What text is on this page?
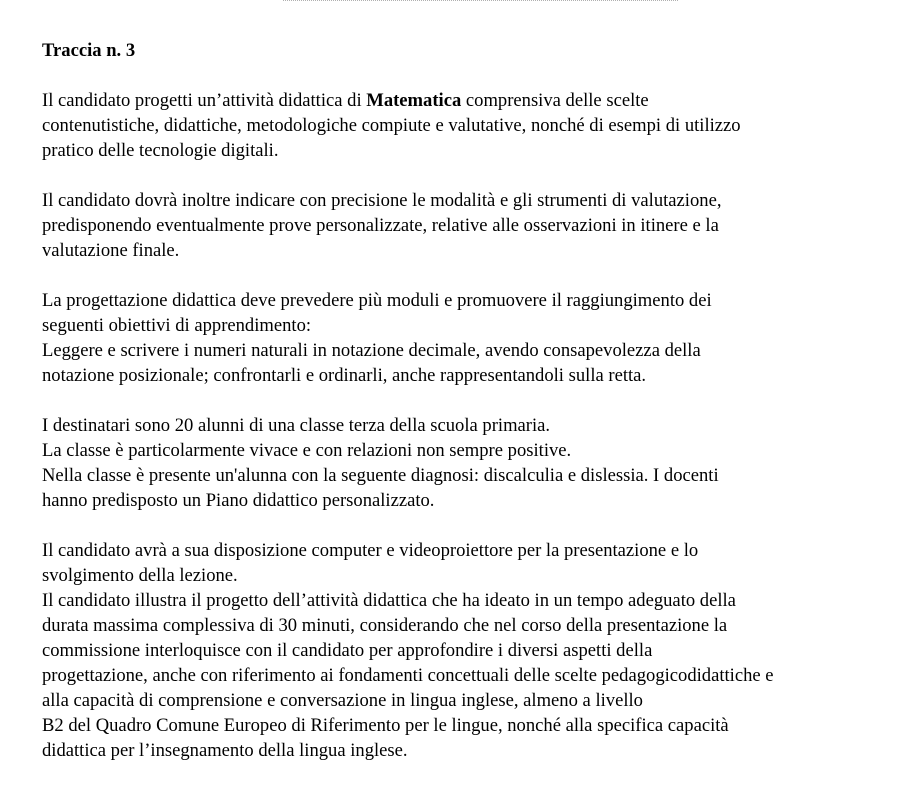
Traccia n. 3
Il candidato progetti un’attività didattica di Matematica comprensiva delle scelte
contenutistiche, didattiche, metodologiche compiute e valutative, nonché di esempi di utilizzo
pratico delle tecnologie digitali.
Il candidato dovrà inoltre indicare con precisione le modalità e gli strumenti di valutazione,
predisponendo eventualmente prove personalizzate, relative alle osservazioni in itinere e la
valutazione finale.
La progettazione didattica deve prevedere più moduli e promuovere il raggiungimento dei
seguenti obiettivi di apprendimento:
Leggere e scrivere i numeri naturali in notazione decimale, avendo consapevolezza della
notazione posizionale; confrontarli e ordinarli, anche rappresentandoli sulla retta.
I destinatari sono 20 alunni di una classe terza della scuola primaria.
La classe è particolarmente vivace e con relazioni non sempre positive.
Nella classe è presente un'alunna con la seguente diagnosi: discalculia e dislessia. I docenti
hanno predisposto un Piano didattico personalizzato.
Il candidato avrà a sua disposizione computer e videoproiettore per la presentazione e lo
svolgimento della lezione.
Il candidato illustra il progetto dell’attività didattica che ha ideato in un tempo adeguato della
durata massima complessiva di 30 minuti, considerando che nel corso della presentazione la
commissione interloquisce con il candidato per approfondire i diversi aspetti della
progettazione, anche con riferimento ai fondamenti concettuali delle scelte pedagogicodidattiche e
alla capacità di comprensione e conversazione in lingua inglese, almeno a livello
B2 del Quadro Comune Europeo di Riferimento per le lingue, nonché alla specifica capacità
didattica per l’insegnamento della lingua inglese.
